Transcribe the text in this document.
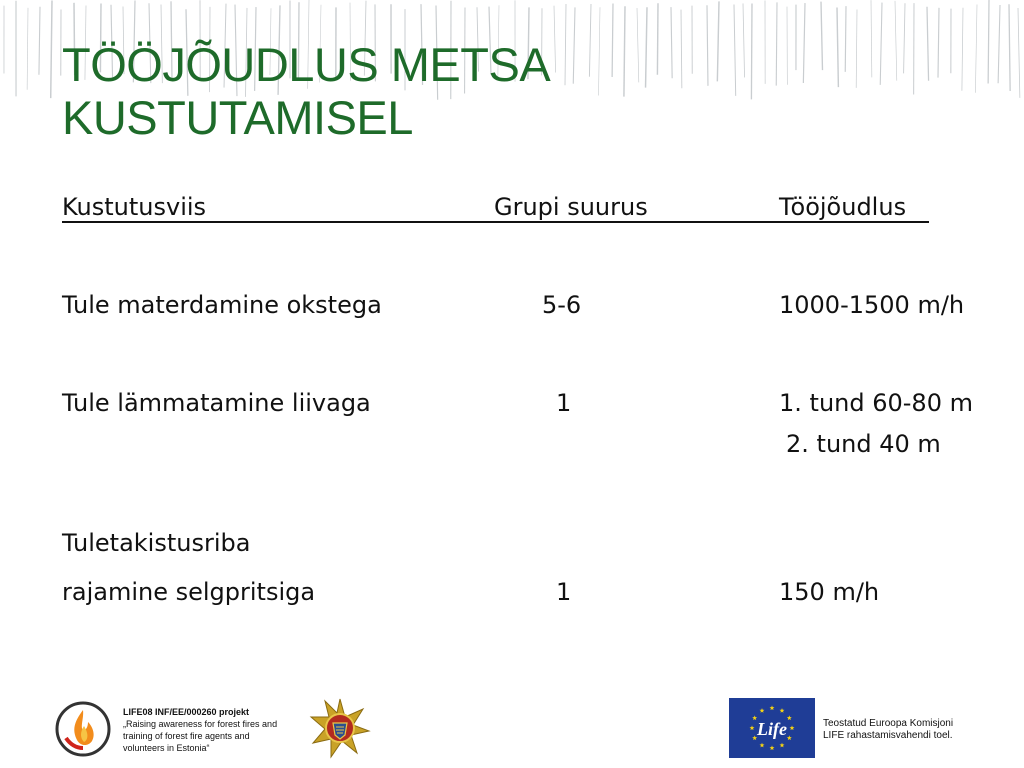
TÖÖJÕUDLUS METSA
KUSTUTAMISEL
Kustutusviis	Grupi suurus	Tööjõudlus
Tule materdamine okstega	5-6	1000-1500 m/h
Tule lämmatamine liivaga	1	1. tund 60-80 m
2. tund 40 m
Tuletakistusriba
rajamine selgpritsiga	1	150 m/h
LIFE08 INF/EE/000260 projekt
„Raising awareness for forest fires and
training of forest fire agents and
volunteers in Estonia“
Life	Teostatud Euroopa Komisjoni
LIFE rahastamisvahendi toel.
